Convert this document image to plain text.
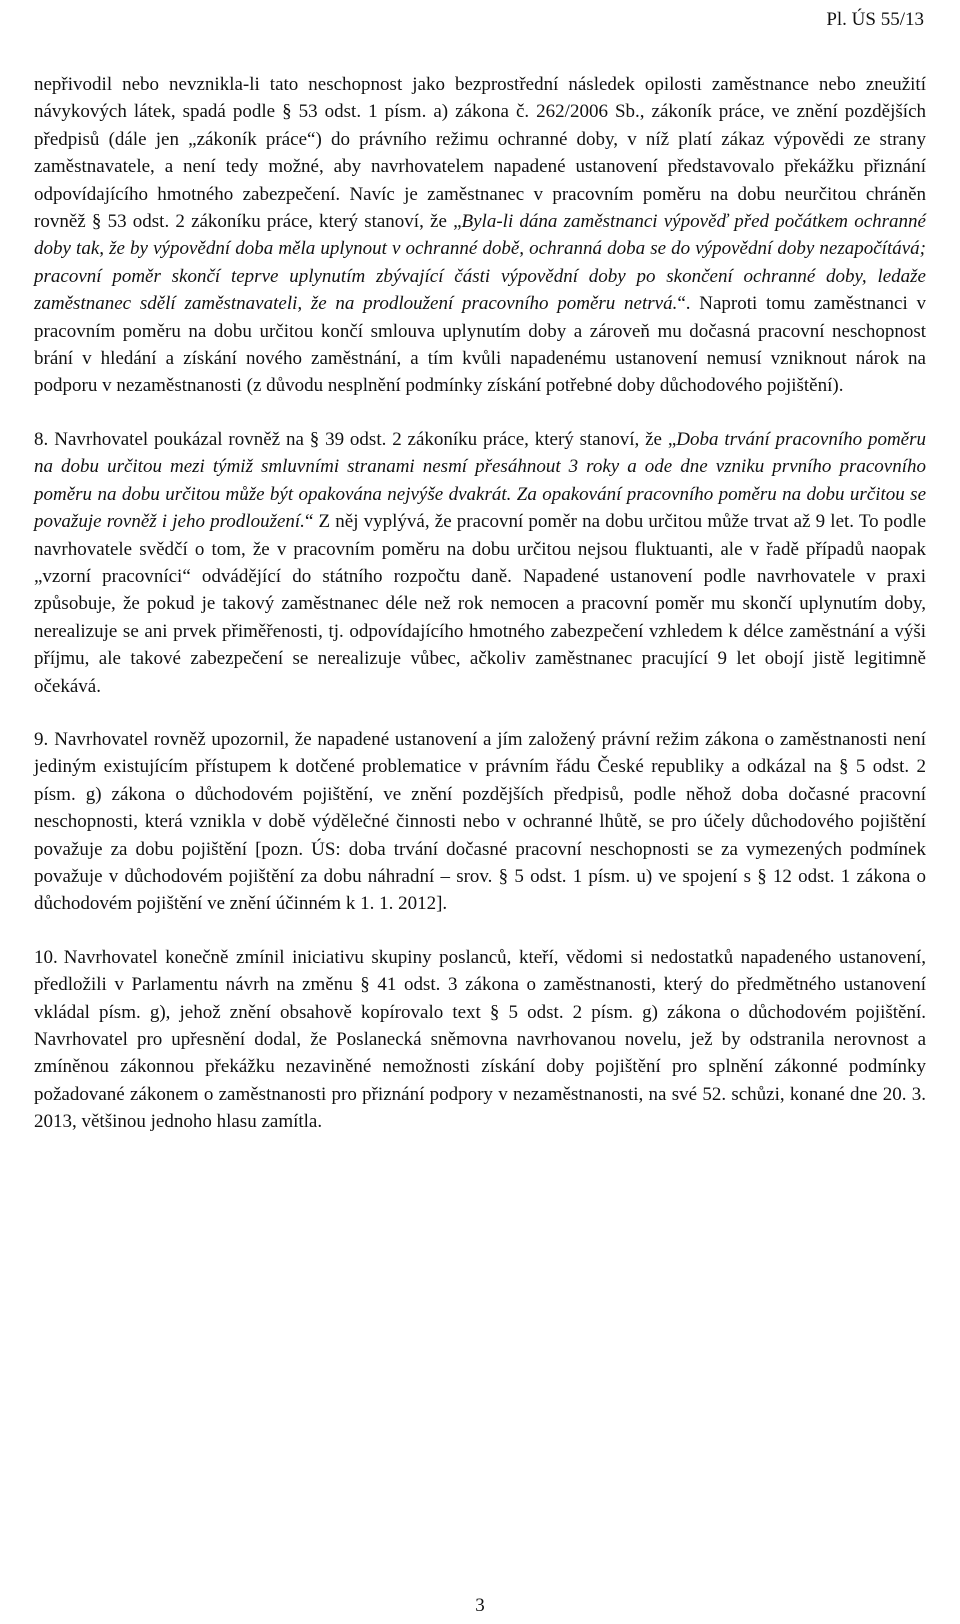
Pl. ÚS 55/13

nepřivodil nebo nevznikla-li tato neschopnost jako bezprostřední následek opilosti zaměstnance nebo zneužití návykových látek, spadá podle § 53 odst. 1 písm. a) zákona č. 262/2006 Sb., zákoník práce, ve znění pozdějších předpisů (dále jen „zákoník práce“) do právního režimu ochranné doby, v níž platí zákaz výpovědi ze strany zaměstnavatele, a není tedy možné, aby navrhovatelem napadené ustanovení představovalo překážku přiznání odpovídajícího hmotného zabezpečení. Navíc je zaměstnanec v pracovním poměru na dobu neurčitou chráněn rovněž § 53 odst. 2 zákoníku práce, který stanoví, že „Byla-li dána zaměstnanci výpověď před počátkem ochranné doby tak, že by výpovědní doba měla uplynout v ochranné době, ochranná doba se do výpovědní doby nezapočítává; pracovní poměr skončí teprve uplynutím zbývající části výpovědní doby po skončení ochranné doby, ledaže zaměstnanec sdělí zaměstnavateli, že na prodloužení pracovního poměru netrvá.“. Naproti tomu zaměstnanci v pracovním poměru na dobu určitou končí smlouva uplynutím doby a zároveň mu dočasná pracovní neschopnost brání v hledání a získání nového zaměstnání, a tím kvůli napadenému ustanovení nemusí vzniknout nárok na podporu v nezaměstnanosti (z důvodu nesplnění podmínky získání potřebné doby důchodového pojištění).

8. Navrhovatel poukázal rovněž na § 39 odst. 2 zákoníku práce, který stanoví, že „Doba trvání pracovního poměru na dobu určitou mezi týmiž smluvními stranami nesmí přesáhnout 3 roky a ode dne vzniku prvního pracovního poměru na dobu určitou může být opakována nejvýše dvakrát. Za opakování pracovního poměru na dobu určitou se považuje rovněž i jeho prodloužení.“ Z něj vyplývá, že pracovní poměr na dobu určitou může trvat až 9 let. To podle navrhovatele svědčí o tom, že v pracovním poměru na dobu určitou nejsou fluktuanti, ale v řadě případů naopak „vzorní pracovníci“ odvádějící do státního rozpočtu daně. Napadené ustanovení podle navrhovatele v praxi způsobuje, že pokud je takový zaměstnanec déle než rok nemocen a pracovní poměr mu skončí uplynutím doby, nerealizuje se ani prvek přiměřenosti, tj. odpovídajícího hmotného zabezpečení vzhledem k délce zaměstnání a výši příjmu, ale takové zabezpečení se nerealizuje vůbec, ačkoliv zaměstnanec pracující 9 let obojí jistě legitimně očekává.

9. Navrhovatel rovněž upozornil, že napadené ustanovení a jím založený právní režim zákona o zaměstnanosti není jediným existujícím přístupem k dotčené problematice v právním řádu České republiky a odkázal na § 5 odst. 2 písm. g) zákona o důchodovém pojištění, ve znění pozdějších předpisů, podle něhož doba dočasné pracovní neschopnosti, která vznikla v době výdělečné činnosti nebo v ochranné lhůtě, se pro účely důchodového pojištění považuje za dobu pojištění [pozn. ÚS: doba trvání dočasné pracovní neschopnosti se za vymezených podmínek považuje v důchodovém pojištění za dobu náhradní – srov. § 5 odst. 1 písm. u) ve spojení s § 12 odst. 1 zákona o důchodovém pojištění ve znění účinném k 1. 1. 2012].

10. Navrhovatel konečně zmínil iniciativu skupiny poslanců, kteří, vědomi si nedostatků napadeného ustanovení, předložili v Parlamentu návrh na změnu § 41 odst. 3 zákona o zaměstnanosti, který do předmětného ustanovení vkládal písm. g), jehož znění obsahově kopírovalo text § 5 odst. 2 písm. g) zákona o důchodovém pojištění. Navrhovatel pro upřesnění dodal, že Poslanecká sněmovna navrhovanou novelu, jež by odstranila nerovnost a zmíněnou zákonnou překážku nezaviněné nemožnosti získání doby pojištění pro splnění zákonné podmínky požadované zákonem o zaměstnanosti pro přiznání podpory v nezaměstnanosti, na své 52. schůzi, konané dne 20. 3. 2013, většinou jednoho hlasu zamítla.

3
